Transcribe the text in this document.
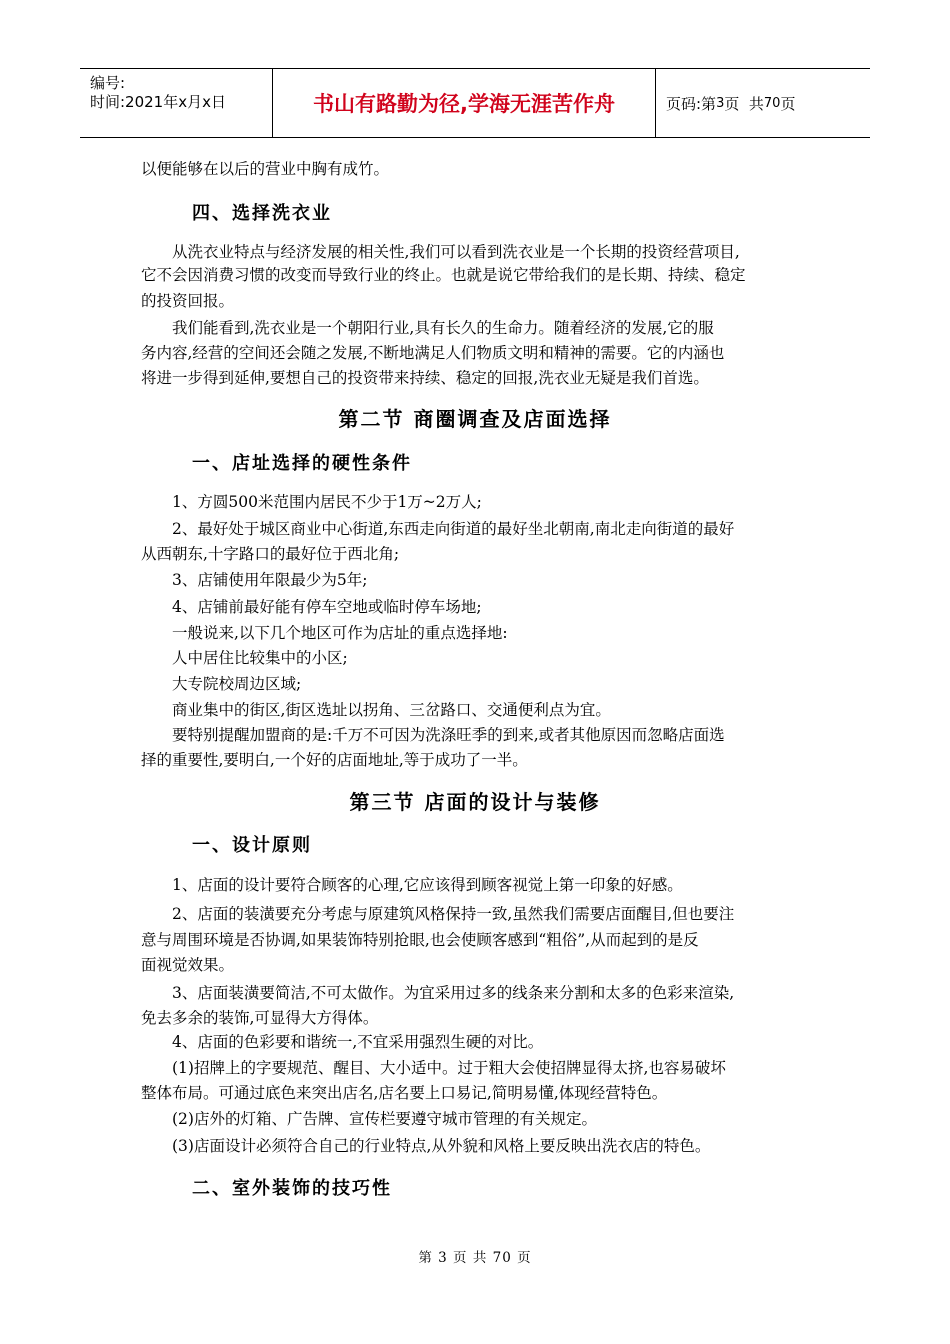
编号:
时间:2021年x月x日	书山有路勤为径,学海无涯苦作舟	页码:第 3 页  共 70 页
以便能够在以后的营业中胸有成竹。
四、选择洗衣业
从洗衣业特点与经济发展的相关性,我们可以看到洗衣业是一个长期的投资经营项目,
它不会因消费习惯的改变而导致行业的终止。也就是说它带给我们的是长期、持续、稳定
的投资回报。
我们能看到,洗衣业是一个朝阳行业,具有长久的生命力。随着经济的发展,它的服
务内容,经营的空间还会随之发展,不断地满足人们物质文明和精神的需要。它的内涵也
将进一步得到延伸,要想自己的投资带来持续、稳定的回报,洗衣业无疑是我们首选。
第二节 商圈调查及店面选择
一、店址选择的硬性条件
1、方圆500米范围内居民不少于1万~2万人;
2、最好处于城区商业中心街道,东西走向街道的最好坐北朝南,南北走向街道的最好
从西朝东,十字路口的最好位于西北角;
3、店铺使用年限最少为5年;
4、店铺前最好能有停车空地或临时停车场地;
一般说来,以下几个地区可作为店址的重点选择地:
人中居住比较集中的小区;
大专院校周边区域;
商业集中的街区,街区选址以拐角、三岔路口、交通便利点为宜。
要特别提醒加盟商的是:千万不可因为洗涤旺季的到来,或者其他原因而忽略店面选
择的重要性,要明白,一个好的店面地址,等于成功了一半。
第三节 店面的设计与装修
一、设计原则
1、店面的设计要符合顾客的心理,它应该得到顾客视觉上第一印象的好感。
2、店面的装潢要充分考虑与原建筑风格保持一致,虽然我们需要店面醒目,但也要注
意与周围环境是否协调,如果装饰特别抢眼,也会使顾客感到“粗俗”,从而起到的是反
面视觉效果。
3、店面装潢要简洁,不可太做作。为宜采用过多的线条来分割和太多的色彩来渲染,
免去多余的装饰,可显得大方得体。
4、店面的色彩要和谐统一,不宜采用强烈生硬的对比。
(1)招牌上的字要规范、醒目、大小适中。过于粗大会使招牌显得太挤,也容易破坏
整体布局。可通过底色来突出店名,店名要上口易记,简明易懂,体现经营特色。
(2)店外的灯箱、广告牌、宣传栏要遵守城市管理的有关规定。
(3)店面设计必须符合自己的行业特点,从外貌和风格上要反映出洗衣店的特色。
二、室外装饰的技巧性
第 3 页 共 70 页
